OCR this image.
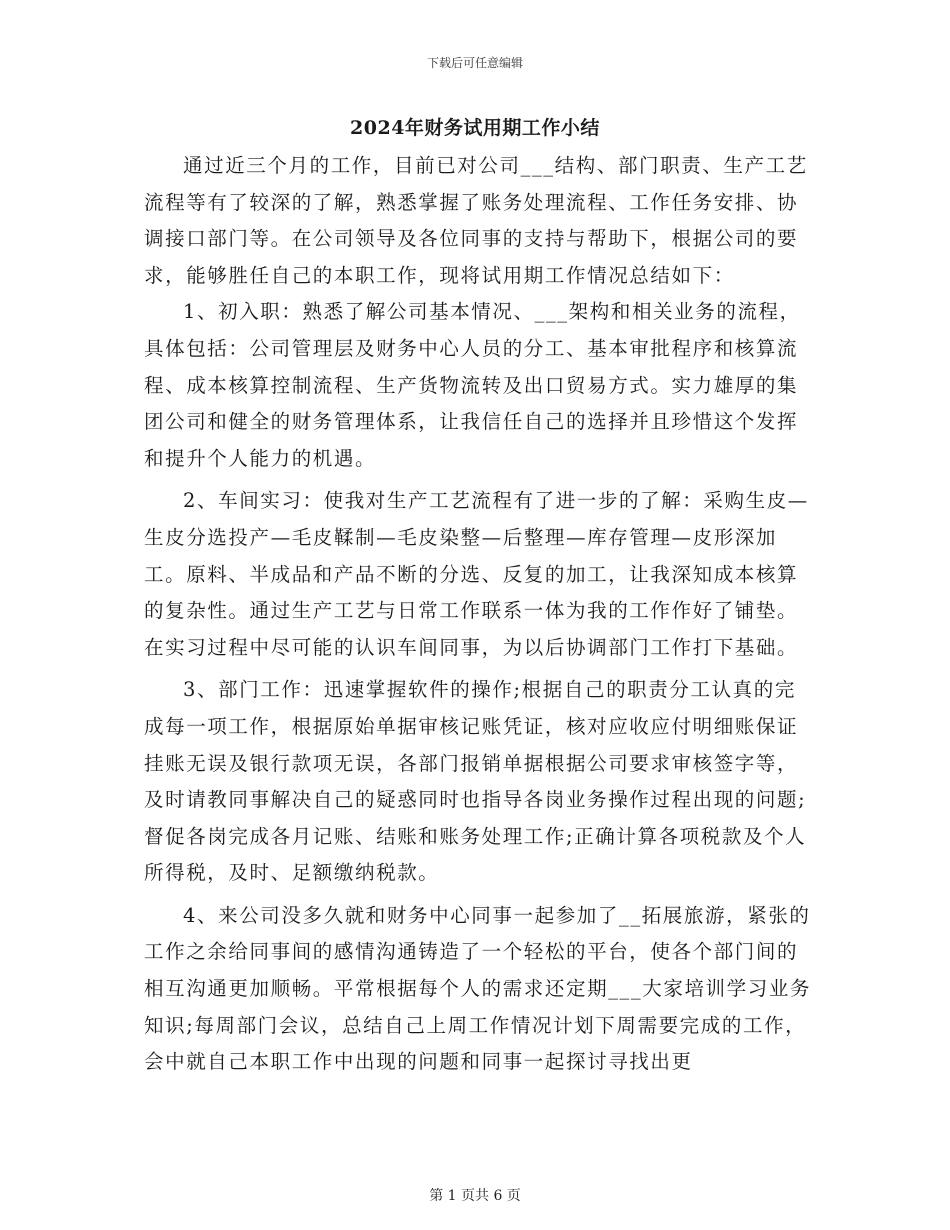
下载后可任意编辑
2024年财务试用期工作小结

通过近三个月的工作，目前已对公司___结构、部门职责、生产工艺流程等有了较深的了解，熟悉掌握了账务处理流程、工作任务安排、协调接口部门等。在公司领导及各位同事的支持与帮助下，根据公司的要求，能够胜任自己的本职工作，现将试用期工作情况总结如下：

1、初入职：熟悉了解公司基本情况、___架构和相关业务的流程，具体包括：公司管理层及财务中心人员的分工、基本审批程序和核算流程、成本核算控制流程、生产货物流转及出口贸易方式。实力雄厚的集团公司和健全的财务管理体系，让我信任自己的选择并且珍惜这个发挥和提升个人能力的机遇。

2、车间实习：使我对生产工艺流程有了进一步的了解：采购生皮—生皮分选投产—毛皮鞣制—毛皮染整—后整理—库存管理—皮形深加工。原料、半成品和产品不断的分选、反复的加工，让我深知成本核算的复杂性。通过生产工艺与日常工作联系一体为我的工作作好了铺垫。在实习过程中尽可能的认识车间同事，为以后协调部门工作打下基础。

3、部门工作：迅速掌握软件的操作;根据自己的职责分工认真的完成每一项工作，根据原始单据审核记账凭证，核对应收应付明细账保证挂账无误及银行款项无误，各部门报销单据根据公司要求审核签字等，及时请教同事解决自己的疑惑同时也指导各岗业务操作过程出现的问题;督促各岗完成各月记账、结账和账务处理工作;正确计算各项税款及个人所得税，及时、足额缴纳税款。

4、来公司没多久就和财务中心同事一起参加了__拓展旅游，紧张的工作之余给同事间的感情沟通铸造了一个轻松的平台，使各个部门间的相互沟通更加顺畅。平常根据每个人的需求还定期___大家培训学习业务知识;每周部门会议，总结自己上周工作情况计划下周需要完成的工作，会中就自己本职工作中出现的问题和同事一起探讨寻找出更

第 1 页共 6 页
